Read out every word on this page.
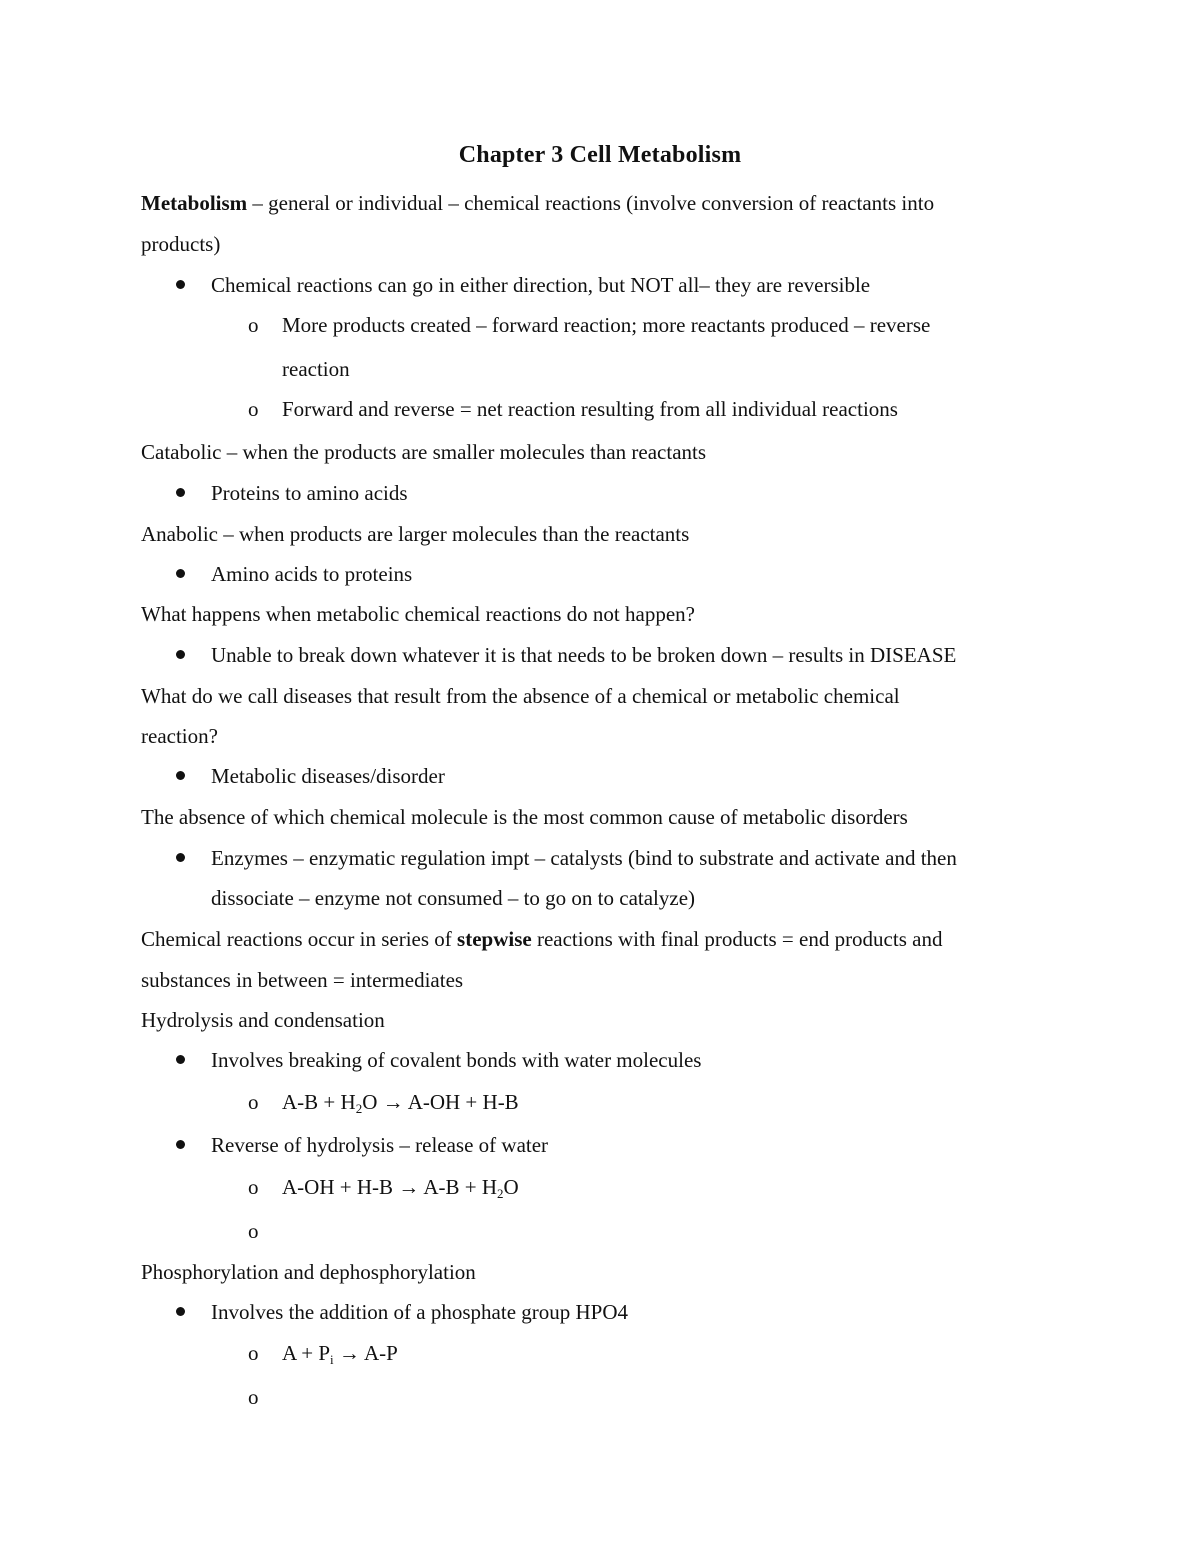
Chapter 3 Cell Metabolism
Metabolism – general or individual – chemical reactions (involve conversion of reactants into
products)
Chemical reactions can go in either direction, but NOT all– they are reversible
o More products created – forward reaction; more reactants produced – reverse
reaction
o Forward and reverse = net reaction resulting from all individual reactions
Catabolic – when the products are smaller molecules than reactants
Proteins to amino acids
Anabolic – when products are larger molecules than the reactants
Amino acids to proteins
What happens when metabolic chemical reactions do not happen?
Unable to break down whatever it is that needs to be broken down – results in DISEASE
What do we call diseases that result from the absence of a chemical or metabolic chemical
reaction?
Metabolic diseases/disorder
The absence of which chemical molecule is the most common cause of metabolic disorders
Enzymes – enzymatic regulation impt – catalysts (bind to substrate and activate and then
dissociate – enzyme not consumed – to go on to catalyze)
Chemical reactions occur in series of stepwise reactions with final products = end products and
substances in between = intermediates
Hydrolysis and condensation
Involves breaking of covalent bonds with water molecules
o $A-B + H_2O \to A-OH + H-B$
Reverse of hydrolysis – release of water
o $A-OH + H-B \to A-B + H_2O$
o
Phosphorylation and dephosphorylation
Involves the addition of a phosphate group HPO4
o $A + P_i \to A-P$
o
